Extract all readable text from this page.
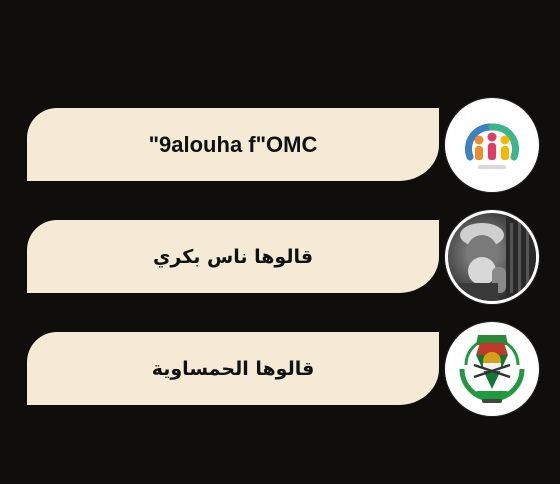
"9alouha f"OMC
قالوها ناس بكري
قالوها الحمساوية
